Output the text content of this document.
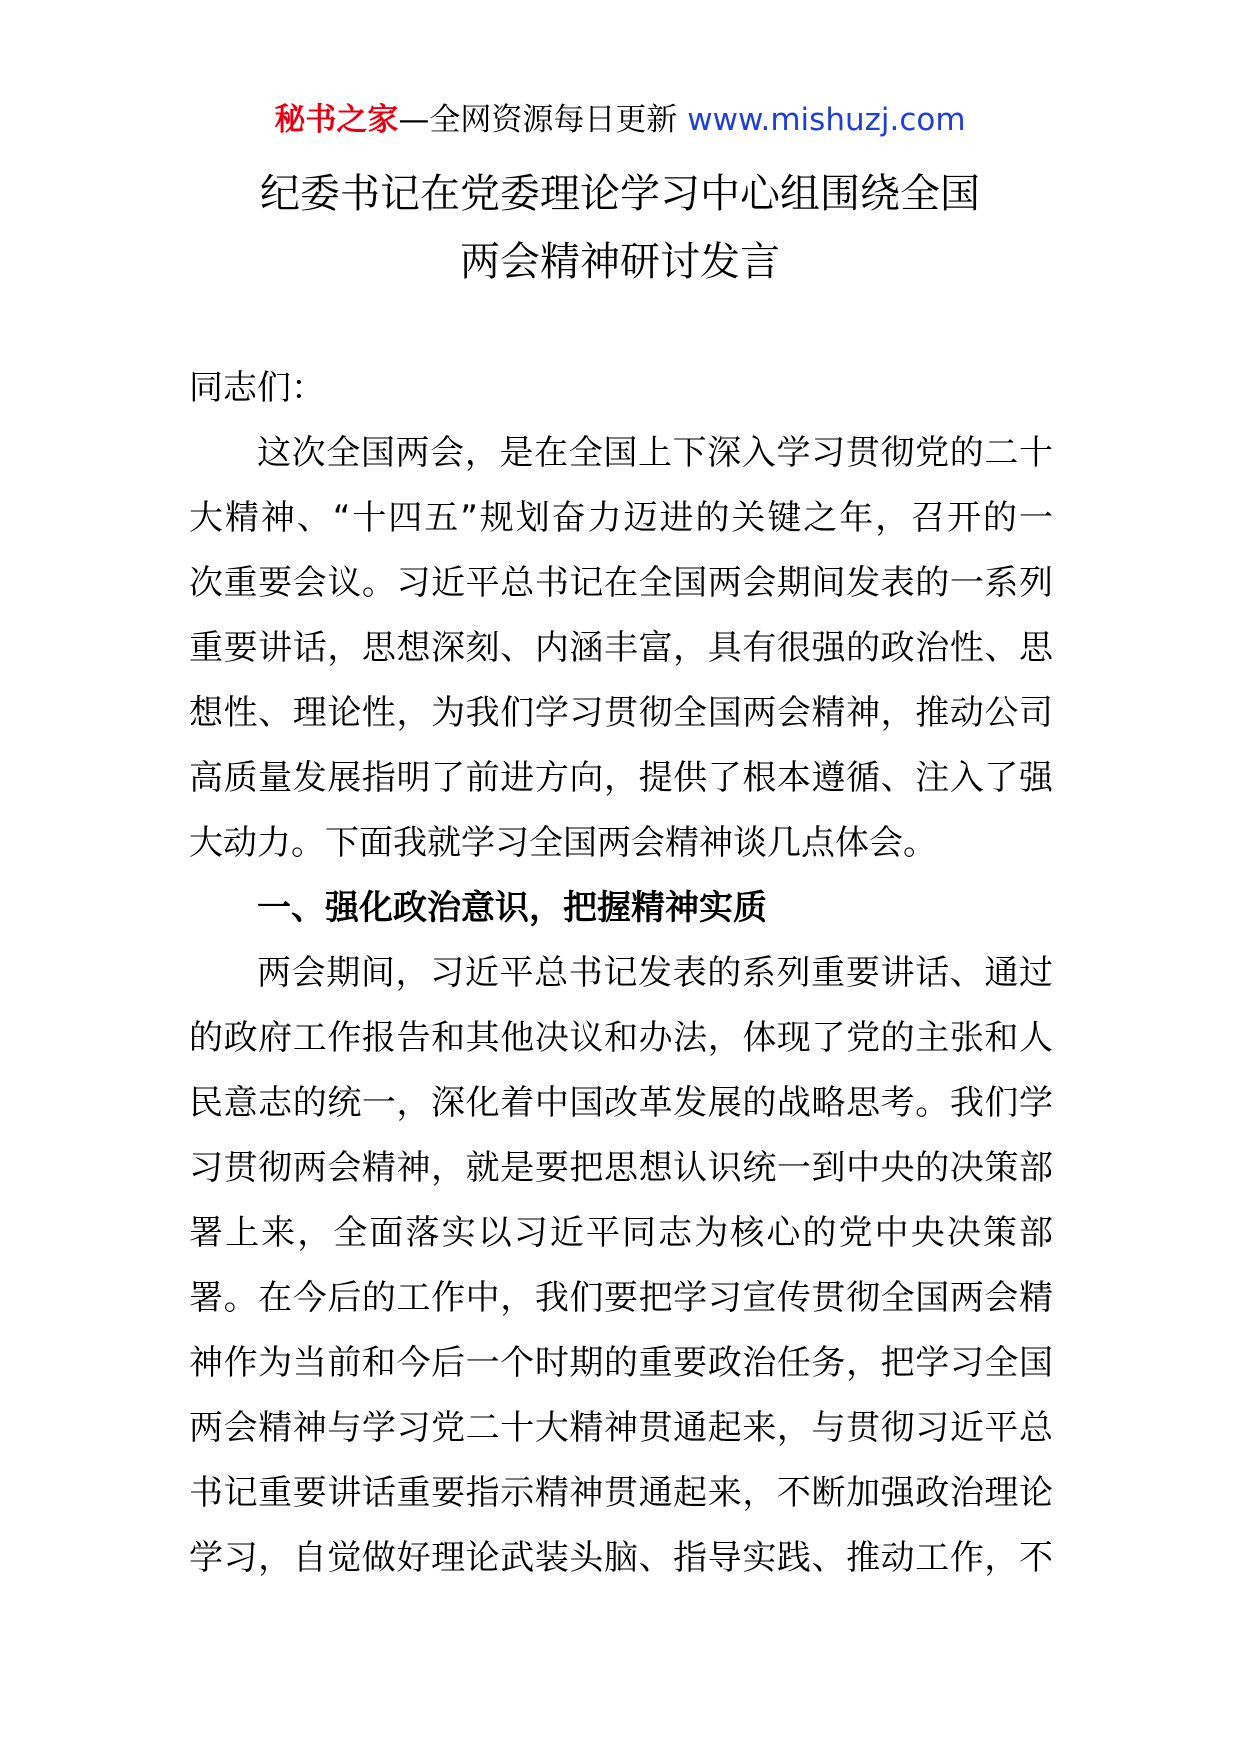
秘书之家—全网资源每日更新 www.mishuzj.com
纪委书记在党委理论学习中心组围绕全国
两会精神研讨发言
同志们：
这次全国两会，是在全国上下深入学习贯彻党的二十
大精神、“十四五”规划奋力迈进的关键之年，召开的一
次重要会议。习近平总书记在全国两会期间发表的一系列
重要讲话，思想深刻、内涵丰富，具有很强的政治性、思
想性、理论性，为我们学习贯彻全国两会精神，推动公司
高质量发展指明了前进方向，提供了根本遵循、注入了强
大动力。下面我就学习全国两会精神谈几点体会。
一、强化政治意识，把握精神实质
两会期间，习近平总书记发表的系列重要讲话、通过
的政府工作报告和其他决议和办法，体现了党的主张和人
民意志的统一，深化着中国改革发展的战略思考。我们学
习贯彻两会精神，就是要把思想认识统一到中央的决策部
署上来，全面落实以习近平同志为核心的党中央决策部
署。在今后的工作中，我们要把学习宣传贯彻全国两会精
神作为当前和今后一个时期的重要政治任务，把学习全国
两会精神与学习党二十大精神贯通起来，与贯彻习近平总
书记重要讲话重要指示精神贯通起来，不断加强政治理论
学习，自觉做好理论武装头脑、指导实践、推动工作，不
